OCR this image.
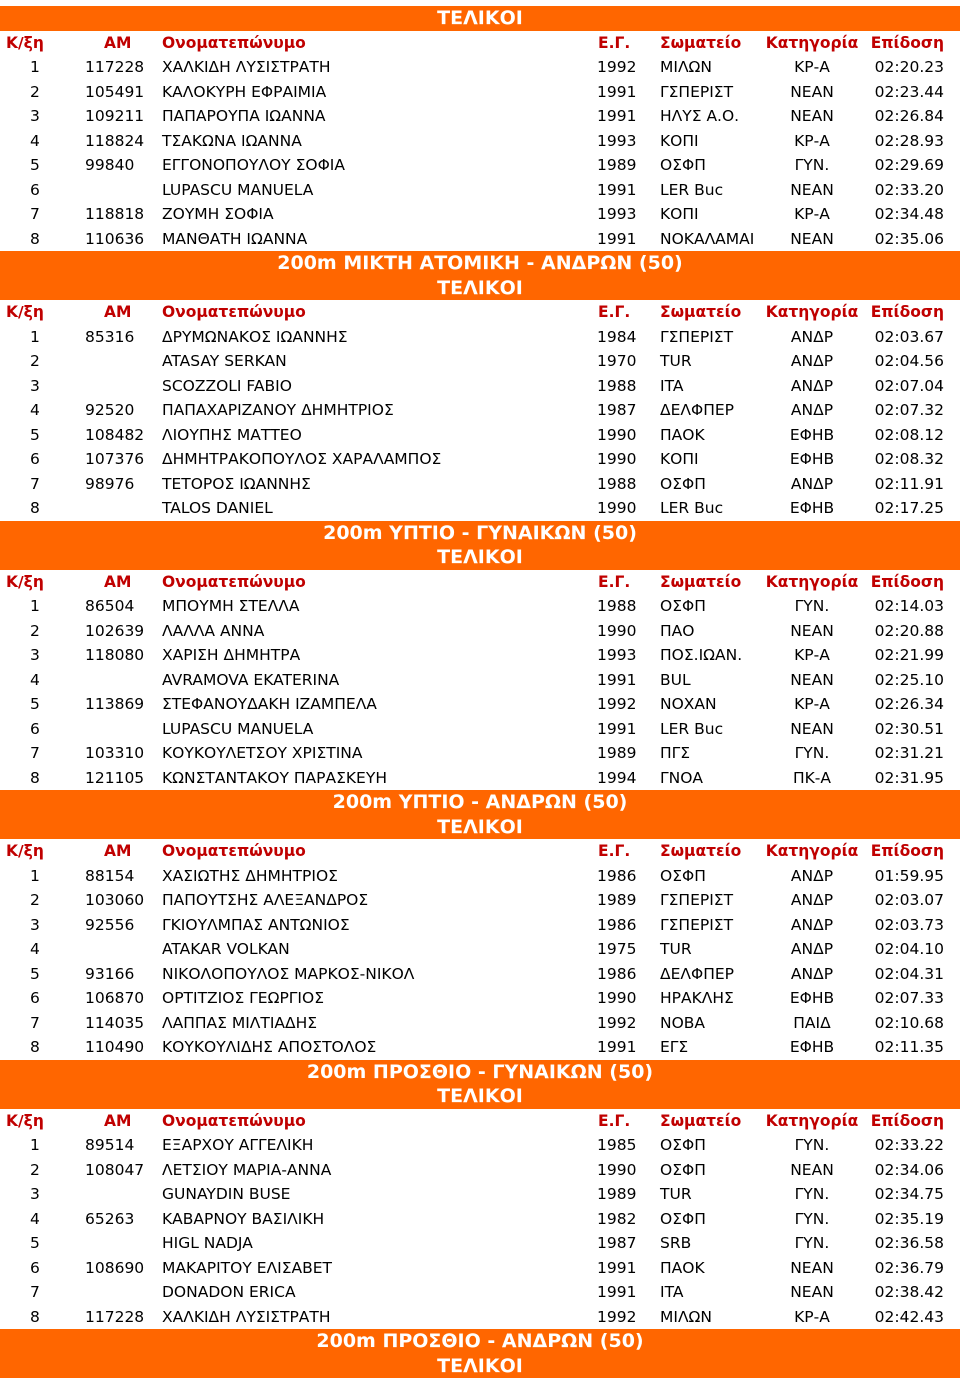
ΤΕΛΙΚΟΙ
Κ/ξη	ΑΜ Ονοματεπώνυμο	Ε.Γ. Σωματείο Κατηγορία Επίδοση
1	117228 ΧΑΛΚΙΔΗ ΛΥΣΙΣΤΡΑΤΗ	1992 ΜΙΛΩΝ	ΚΡ-Α	02:20.23
2	105491 ΚΑΛΟΚΥΡΗ ΕΦΡΑΙΜΙΑ	1991 ΓΣΠΕΡΙΣΤ	ΝΕΑΝ	02:23.44
3	109211 ΠΑΠΑΡΟΥΠΑ ΙΩΑΝΝΑ	1991 ΗΛΥΣ Α.Ο.	ΝΕΑΝ	02:26.84
4	118824 ΤΣΑΚΩΝΑ ΙΩΑΝΝΑ	1993 ΚΟΠΙ	ΚΡ-Α	02:28.93
5	99840 ΕΓΓΟΝΟΠΟΥΛΟΥ ΣΟΦΙΑ	1989 ΟΣΦΠ	ΓΥΝ.	02:29.69
6	LUPASCU MANUELA	1991 LER Buc	ΝΕΑΝ	02:33.20
7	118818 ΖΟΥΜΗ ΣΟΦΙΑ	1993 ΚΟΠΙ	ΚΡ-Α	02:34.48
8	110636 ΜΑΝΘΑΤΗ ΙΩΑΝΝΑ	1991 ΝΟΚΑΛΑΜΑΙ	ΝΕΑΝ	02:35.06
200m ΜΙΚΤΗ ΑΤΟΜΙΚΗ - ΑΝΔΡΩΝ (50)
ΤΕΛΙΚΟΙ
Κ/ξη	ΑΜ Ονοματεπώνυμο	Ε.Γ. Σωματείο Κατηγορία Επίδοση
1	85316 ΔΡΥΜΩΝΑΚΟΣ ΙΩΑΝΝΗΣ	1984 ΓΣΠΕΡΙΣΤ	ΑΝΔΡ	02:03.67
2	ATASAY SERKAN	1970 TUR	ΑΝΔΡ	02:04.56
3	SCOZZOLI FABIO	1988 ITA	ΑΝΔΡ	02:07.04
4	92520 ΠΑΠΑΧΑΡΙΖΑΝΟΥ ΔΗΜΗΤΡΙΟΣ	1987 ΔΕΛΦΠΕΡ	ΑΝΔΡ	02:07.32
5	108482 ΛΙΟΥΠΗΣ ΜΑΤΤΕΟ	1990 ΠΑΟΚ	ΕΦΗΒ	02:08.12
6	107376 ΔΗΜΗΤΡΑΚΟΠΟΥΛΟΣ ΧΑΡΑΛΑΜΠΟΣ	1990 ΚΟΠΙ	ΕΦΗΒ	02:08.32
7	98976 ΤΕΤΟΡΟΣ ΙΩΑΝΝΗΣ	1988 ΟΣΦΠ	ΑΝΔΡ	02:11.91
8	TALOS DANIEL	1990 LER Buc	ΕΦΗΒ	02:17.25
200m ΥΠΤΙΟ - ΓΥΝΑΙΚΩΝ (50)
ΤΕΛΙΚΟΙ
Κ/ξη	ΑΜ Ονοματεπώνυμο	Ε.Γ. Σωματείο Κατηγορία Επίδοση
1	86504 ΜΠΟΥΜΗ ΣΤΕΛΛΑ	1988 ΟΣΦΠ	ΓΥΝ.	02:14.03
2	102639 ΛΑΛΛΑ ΑΝΝΑ	1990 ΠΑΟ	ΝΕΑΝ	02:20.88
3	118080 ΧΑΡΙΣΗ ΔΗΜΗΤΡΑ	1993 ΠΟΣ.ΙΩΑΝ.	ΚΡ-Α	02:21.99
4	AVRAMOVA EKATERINA	1991 BUL	ΝΕΑΝ	02:25.10
5	113869 ΣΤΕΦΑΝΟΥΔΑΚΗ ΙΖΑΜΠΕΛΑ	1992 ΝΟΧΑΝ	ΚΡ-Α	02:26.34
6	LUPASCU MANUELA	1991 LER Buc	ΝΕΑΝ	02:30.51
7	103310 ΚΟΥΚΟΥΛΕΤΣΟΥ ΧΡΙΣΤΙΝΑ	1989 ΠΓΣ	ΓΥΝ.	02:31.21
8	121105 ΚΩΝΣΤΑΝΤΑΚΟΥ ΠΑΡΑΣΚΕΥΗ	1994 ΓΝΟΑ	ΠΚ-Α	02:31.95
200m ΥΠΤΙΟ - ΑΝΔΡΩΝ (50)
ΤΕΛΙΚΟΙ
Κ/ξη	ΑΜ Ονοματεπώνυμο	Ε.Γ. Σωματείο Κατηγορία Επίδοση
1	88154 ΧΑΣΙΩΤΗΣ ΔΗΜΗΤΡΙΟΣ	1986 ΟΣΦΠ	ΑΝΔΡ	01:59.95
2	103060 ΠΑΠΟΥΤΣΗΣ ΑΛΕΞΑΝΔΡΟΣ	1989 ΓΣΠΕΡΙΣΤ	ΑΝΔΡ	02:03.07
3	92556 ΓΚΙΟΥΛΜΠΑΣ ΑΝΤΩΝΙΟΣ	1986 ΓΣΠΕΡΙΣΤ	ΑΝΔΡ	02:03.73
4	ATAKAR VOLKAN	1975 TUR	ΑΝΔΡ	02:04.10
5	93166 ΝΙΚΟΛΟΠΟΥΛΟΣ ΜΑΡΚΟΣ-ΝΙΚΟΛ	1986 ΔΕΛΦΠΕΡ	ΑΝΔΡ	02:04.31
6	106870 ΟΡΤΙΤΖΙΟΣ ΓΕΩΡΓΙΟΣ	1990 ΗΡΑΚΛΗΣ	ΕΦΗΒ	02:07.33
7	114035 ΛΑΠΠΑΣ ΜΙΛΤΙΑΔΗΣ	1992 ΝΟΒΑ	ΠΑΙΔ	02:10.68
8	110490 ΚΟΥΚΟΥΛΙΔΗΣ ΑΠΟΣΤΟΛΟΣ	1991 ΕΓΣ	ΕΦΗΒ	02:11.35
200m ΠΡΟΣΘΙΟ - ΓΥΝΑΙΚΩΝ (50)
ΤΕΛΙΚΟΙ
Κ/ξη	ΑΜ Ονοματεπώνυμο	Ε.Γ. Σωματείο Κατηγορία Επίδοση
1	89514 ΕΞΑΡΧΟΥ ΑΓΓΕΛΙΚΗ	1985 ΟΣΦΠ	ΓΥΝ.	02:33.22
2	108047 ΛΕΤΣΙΟΥ ΜΑΡΙΑ-ΑΝΝΑ	1990 ΟΣΦΠ	ΝΕΑΝ	02:34.06
3	GUNAYDIN BUSE	1989 TUR	ΓΥΝ.	02:34.75
4	65263 ΚΑΒΑΡΝΟΥ ΒΑΣΙΛΙΚΗ	1982 ΟΣΦΠ	ΓΥΝ.	02:35.19
5	HIGL NADJA	1987 SRB	ΓΥΝ.	02:36.58
6	108690 ΜΑΚΑΡΙΤΟΥ ΕΛΙΣΑΒΕΤ	1991 ΠΑΟΚ	ΝΕΑΝ	02:36.79
7	DONADON ERICA	1991 ITA	ΝΕΑΝ	02:38.42
8	117228 ΧΑΛΚΙΔΗ ΛΥΣΙΣΤΡΑΤΗ	1992 ΜΙΛΩΝ	ΚΡ-Α	02:42.43
200m ΠΡΟΣΘΙΟ - ΑΝΔΡΩΝ (50)
ΤΕΛΙΚΟΙ
